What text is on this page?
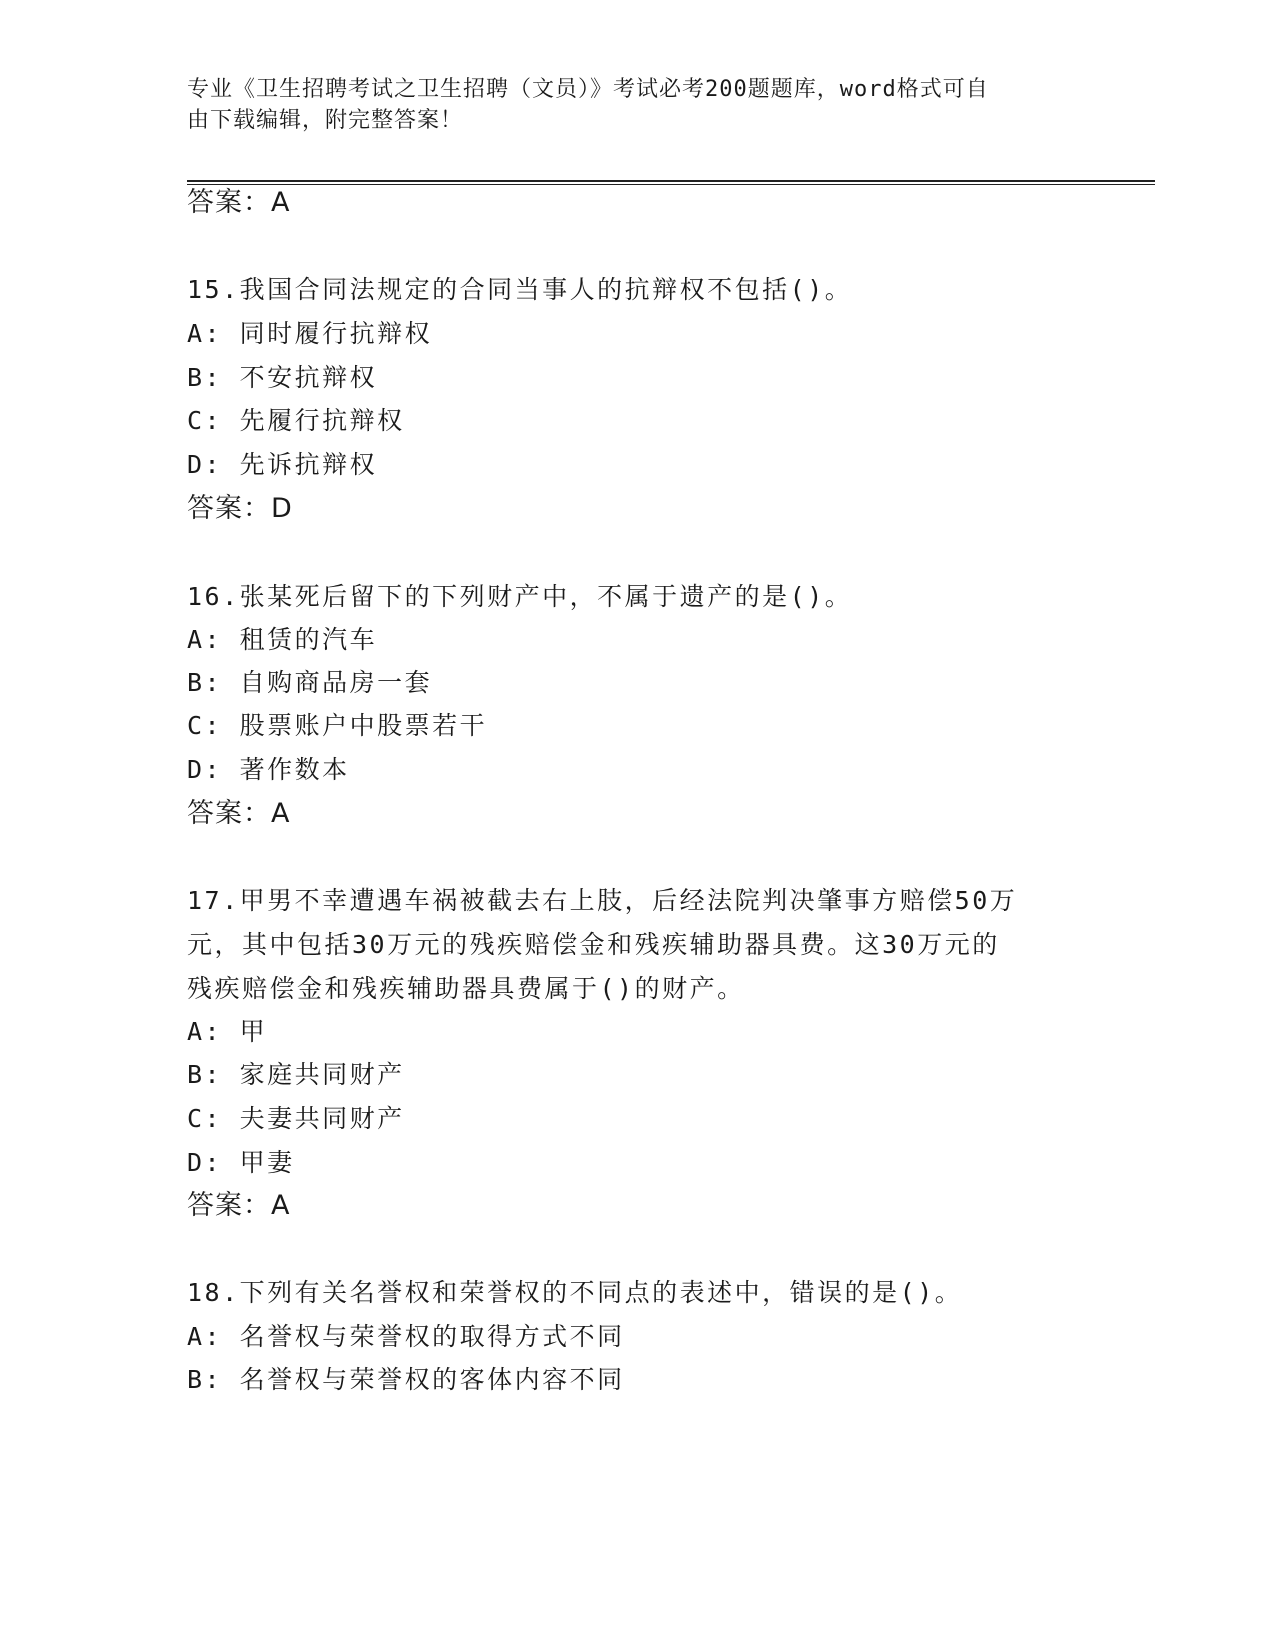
专业《卫生招聘考试之卫生招聘（文员）》考试必考200题题库，word格式可自
由下载编辑，附完整答案！
答案：A
15.我国合同法规定的合同当事人的抗辩权不包括()。
A: 同时履行抗辩权
B: 不安抗辩权
C: 先履行抗辩权
D: 先诉抗辩权
答案：D
16.张某死后留下的下列财产中，不属于遗产的是()。
A: 租赁的汽车
B: 自购商品房一套
C: 股票账户中股票若干
D: 著作数本
答案：A
17.甲男不幸遭遇车祸被截去右上肢，后经法院判决肇事方赔偿50万
元，其中包括30万元的残疾赔偿金和残疾辅助器具费。这30万元的
残疾赔偿金和残疾辅助器具费属于()的财产。
A: 甲
B: 家庭共同财产
C: 夫妻共同财产
D: 甲妻
答案：A
18.下列有关名誉权和荣誉权的不同点的表述中，错误的是()。
A: 名誉权与荣誉权的取得方式不同
B: 名誉权与荣誉权的客体内容不同
